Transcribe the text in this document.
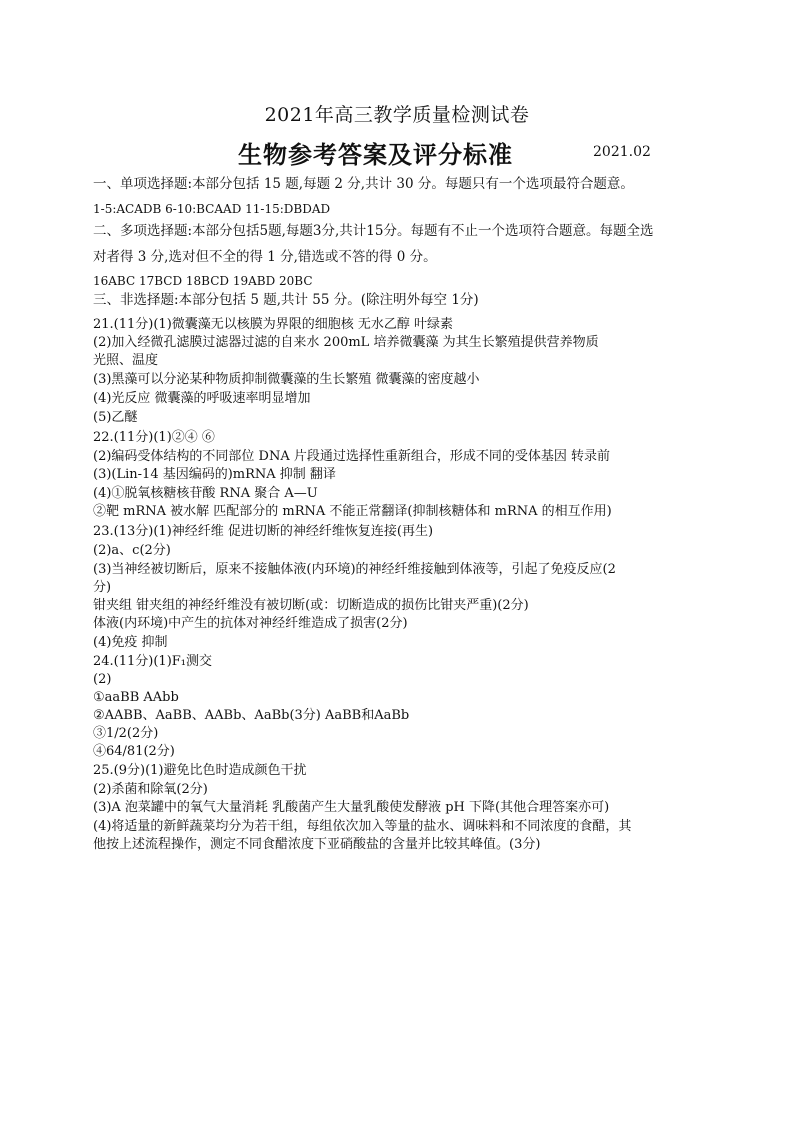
2021年高三教学质量检测试卷
生物参考答案及评分标准	2021.02
一、单项选择题:本部分包括 15 题,每题 2 分,共计 30 分。每题只有一个选项最符合题意。
1-5:ACADB 6-10:BCAAD 11-15:DBDAD
二、多项选择题:本部分包括5题,每题3分,共计15分。每题有不止一个选项符合题意。每题全选
对者得 3 分,选对但不全的得 1 分,错选或不答的得 0 分。
16ABC 17BCD 18BCD 19ABD 20BC
三、非选择题:本部分包括 5 题,共计 55 分。(除注明外每空 1分)
21.(11分)(1)微囊藻无以核膜为界限的细胞核 无水乙醇 叶绿素
(2)加入经微孔滤膜过滤器过滤的自来水 200mL 培养微囊藻 为其生长繁殖提供营养物质
光照、温度
(3)黑藻可以分泌某种物质抑制微囊藻的生长繁殖 微囊藻的密度越小
(4)光反应 微囊藻的呼吸速率明显增加
(5)乙醚
22.(11分)(1)②④ ⑥
(2)编码受体结构的不同部位 DNA 片段通过选择性重新组合，形成不同的受体基因 转录前
(3)(Lin-14 基因编码的)mRNA 抑制 翻译
(4)①脱氧核糖核苷酸 RNA 聚合 A—U
②靶 mRNA 被水解 匹配部分的 mRNA 不能正常翻译(抑制核糖体和 mRNA 的相互作用)
23.(13分)(1)神经纤维 促进切断的神经纤维恢复连接(再生)
(2)a、c(2分)
(3)当神经被切断后，原来不接触体液(内环境)的神经纤维接触到体液等，引起了免疫反应(2
分)
钳夹组 钳夹组的神经纤维没有被切断(或：切断造成的损伤比钳夹严重)(2分)
体液(内环境)中产生的抗体对神经纤维造成了损害(2分)
(4)免疫 抑制
24.(11分)(1)F₁测交
(2)
①aaBB AAbb
②AABB、AaBB、AABb、AaBb(3分) AaBB和AaBb
③1/2(2分)
④64/81(2分)
25.(9分)(1)避免比色时造成颜色干扰
(2)杀菌和除氧(2分)
(3)A 泡菜罐中的氧气大量消耗 乳酸菌产生大量乳酸使发酵液 pH 下降(其他合理答案亦可)
(4)将适量的新鲜蔬菜均分为若干组，每组依次加入等量的盐水、调味料和不同浓度的食醋，其
他按上述流程操作，测定不同食醋浓度下亚硝酸盐的含量并比较其峰值。(3分)
